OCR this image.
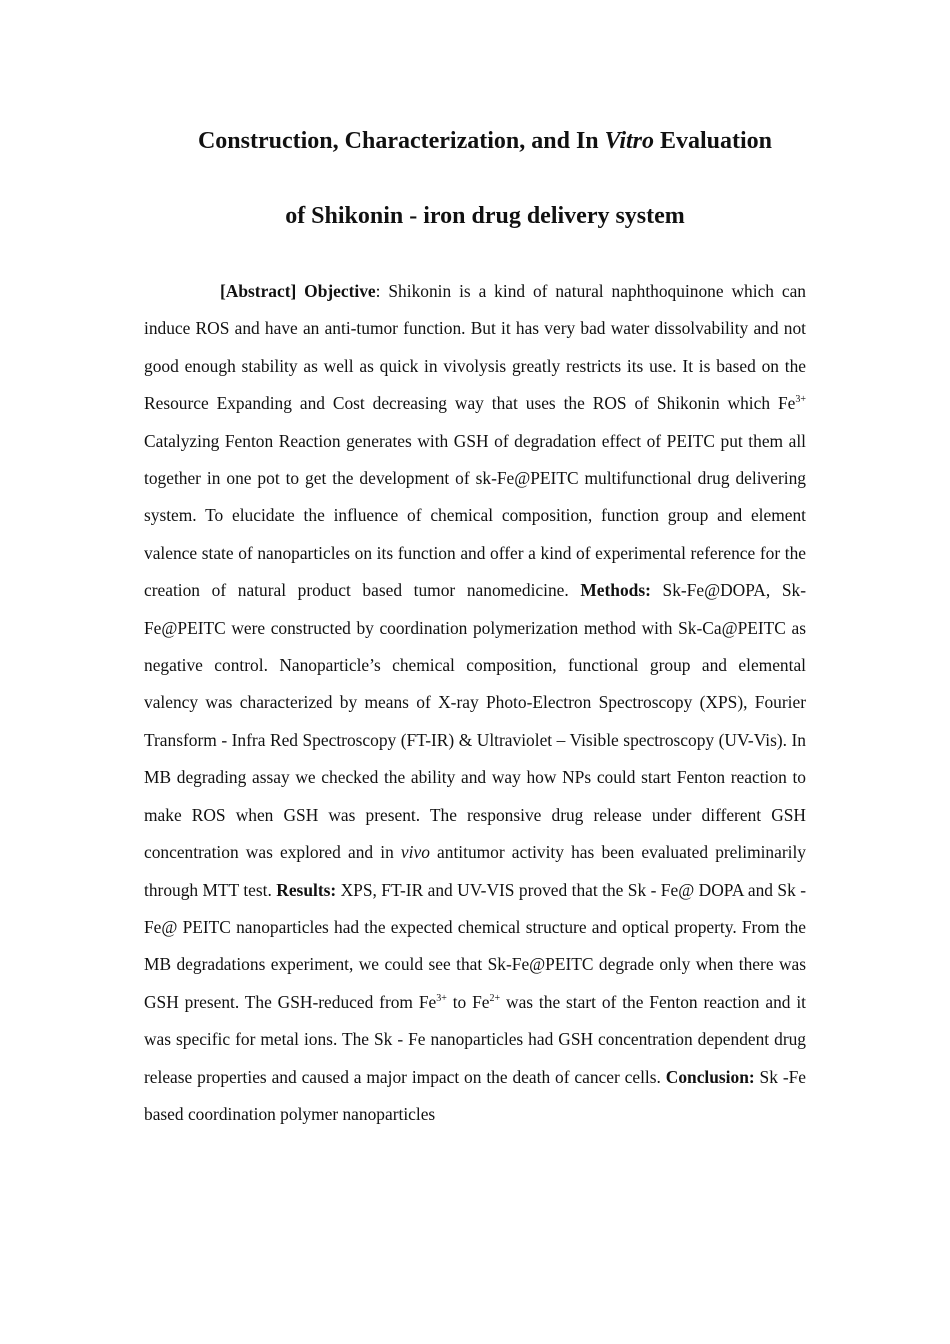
Construction, Characterization, and In Vitro Evaluation
of Shikonin - iron drug delivery system

[Abstract] Objective: Shikonin is a kind of natural naphthoquinone which can induce ROS and have an anti-tumor function. But it has very bad water dissolvability and not good enough stability as well as quick in vivolysis greatly restricts its use. It is based on the Resource Expanding and Cost decreasing way that uses the ROS of Shikonin which $Fe^{3+}$ Catalyzing Fenton Reaction generates with GSH of degradation effect of PEITC put them all together in one pot to get the development of sk-Fe@PEITC multifunctional drug delivering system. To elucidate the influence of chemical composition, function group and element valence state of nanoparticles on its function and offer a kind of experimental reference for the creation of natural product based tumor nanomedicine. Methods: Sk-Fe@DOPA, Sk-Fe@PEITC were constructed by coordination polymerization method with Sk-Ca@PEITC as negative control. Nanoparticle’s chemical composition, functional group and elemental valency was characterized by means of X-ray Photo-Electron Spectroscopy (XPS), Fourier Transform - Infra Red Spectroscopy (FT-IR) & Ultraviolet – Visible spectroscopy (UV-Vis). In MB degrading assay we checked the ability and way how NPs could start Fenton reaction to make ROS when GSH was present. The responsive drug release under different GSH concentration was explored and in vivo antitumor activity has been evaluated preliminarily through MTT test. Results: XPS, FT-IR and UV-VIS proved that the Sk - Fe@ DOPA and Sk - Fe@ PEITC nanoparticles had the expected chemical structure and optical property. From the MB degradations experiment, we could see that Sk-Fe@PEITC degrade only when there was GSH present. The GSH-reduced from $Fe^{3+}$ to $Fe^{2+}$ was the start of the Fenton reaction and it was specific for metal ions. The Sk - Fe nanoparticles had GSH concentration dependent drug release properties and caused a major impact on the death of cancer cells. Conclusion: Sk -Fe based coordination polymer nanoparticles
